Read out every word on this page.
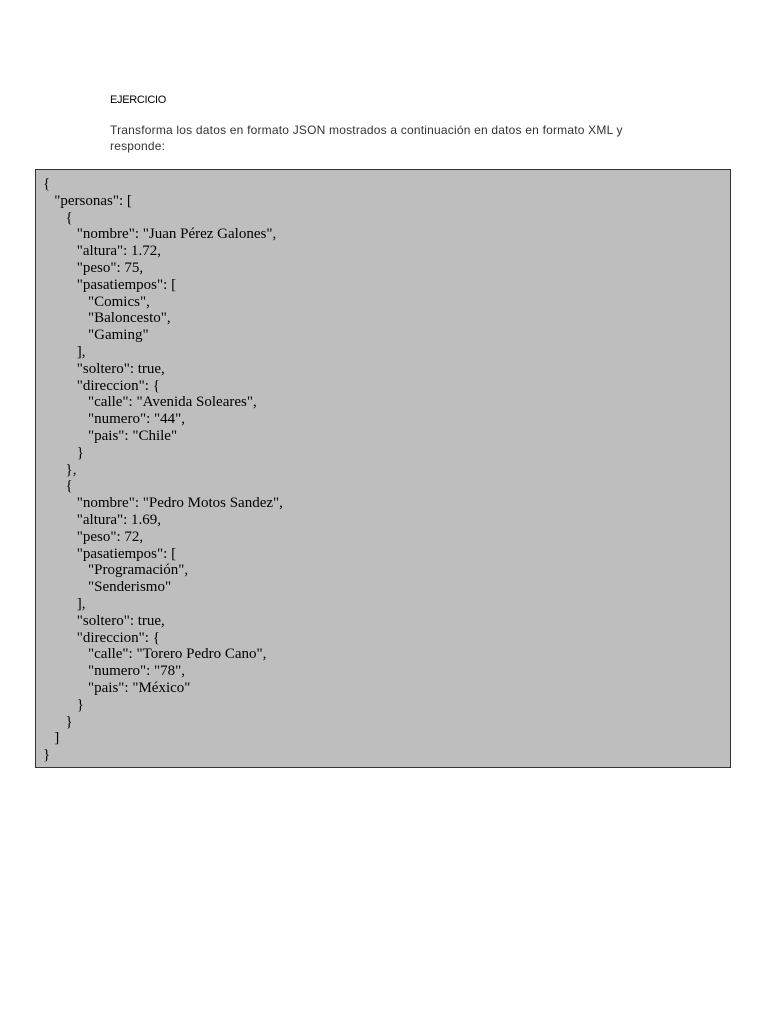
EJERCICIO
Transforma los datos en formato JSON mostrados a continuación en datos en formato XML y responde:
{
"personas": [
{
"nombre": "Juan Pérez Galones",
"altura": 1.72,
"peso": 75,
"pasatiempos": [
"Comics",
"Baloncesto",
"Gaming"
],
"soltero": true,
"direccion": {
"calle": "Avenida Soleares",
"numero": "44",
"pais": "Chile"
}
},
{
"nombre": "Pedro Motos Sandez",
"altura": 1.69,
"peso": 72,
"pasatiempos": [
"Programación",
"Senderismo"
],
"soltero": true,
"direccion": {
"calle": "Torero Pedro Cano",
"numero": "78",
"pais": "México"
}
}
]
}
